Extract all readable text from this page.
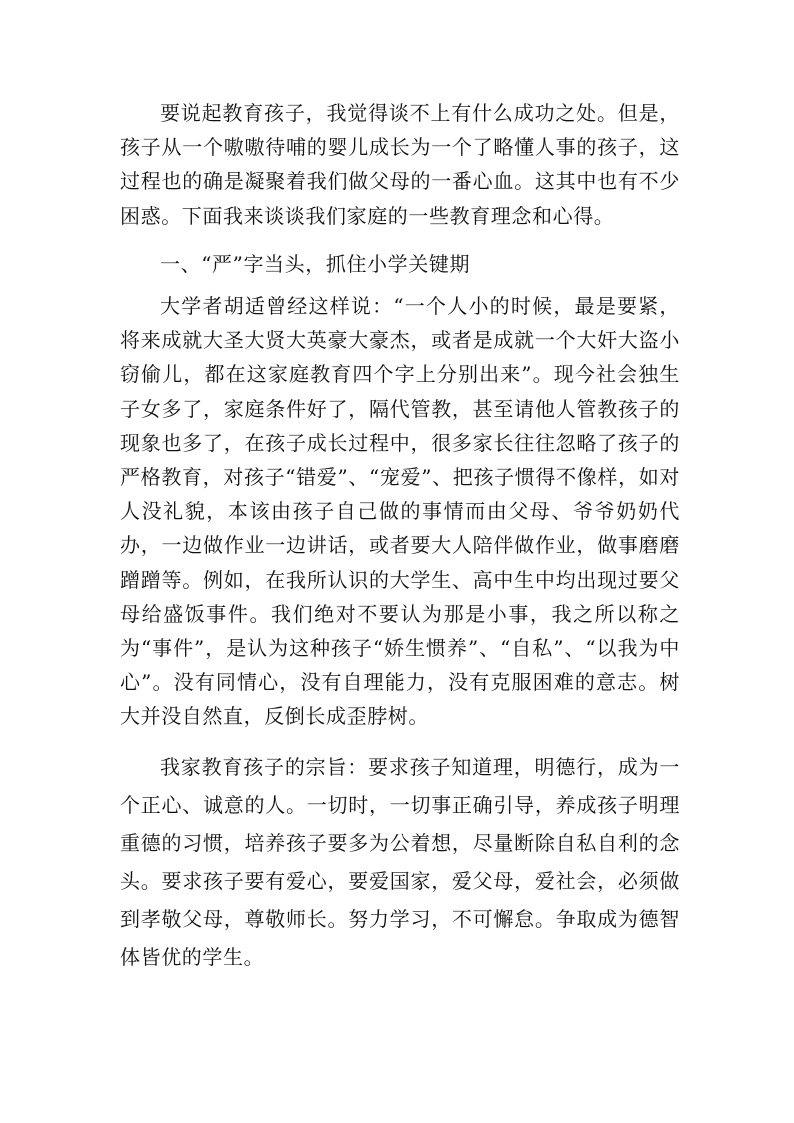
要说起教育孩子，我觉得谈不上有什么成功之处。但是，孩子从一个嗷嗷待哺的婴儿成长为一个了略懂人事的孩子，这过程也的确是凝聚着我们做父母的一番心血。这其中也有不少困惑。下面我来谈谈我们家庭的一些教育理念和心得。

一、“严”字当头，抓住小学关键期

大学者胡适曾经这样说：“一个人小的时候，最是要紧，将来成就大圣大贤大英豪大豪杰，或者是成就一个大奸大盗小窃偷儿，都在这家庭教育四个字上分别出来”。现今社会独生子女多了，家庭条件好了，隔代管教，甚至请他人管教孩子的现象也多了，在孩子成长过程中，很多家长往往忽略了孩子的严格教育，对孩子“错爱”、“宠爱”、把孩子惯得不像样，如对人没礼貌，本该由孩子自己做的事情而由父母、爷爷奶奶代办，一边做作业一边讲话，或者要大人陪伴做作业，做事磨磨蹭蹭等。例如，在我所认识的大学生、高中生中均出现过要父母给盛饭事件。我们绝对不要认为那是小事，我之所以称之为“事件”，是认为这种孩子“娇生惯养”、“自私”、“以我为中心”。没有同情心，没有自理能力，没有克服困难的意志。树大并没自然直，反倒长成歪脖树。

我家教育孩子的宗旨：要求孩子知道理，明德行，成为一个正心、诚意的人。一切时，一切事正确引导，养成孩子明理重德的习惯，培养孩子要多为公着想，尽量断除自私自利的念头。要求孩子要有爱心，要爱国家，爱父母，爱社会，必须做到孝敬父母，尊敬师长。努力学习，不可懈怠。争取成为德智体皆优的学生。
